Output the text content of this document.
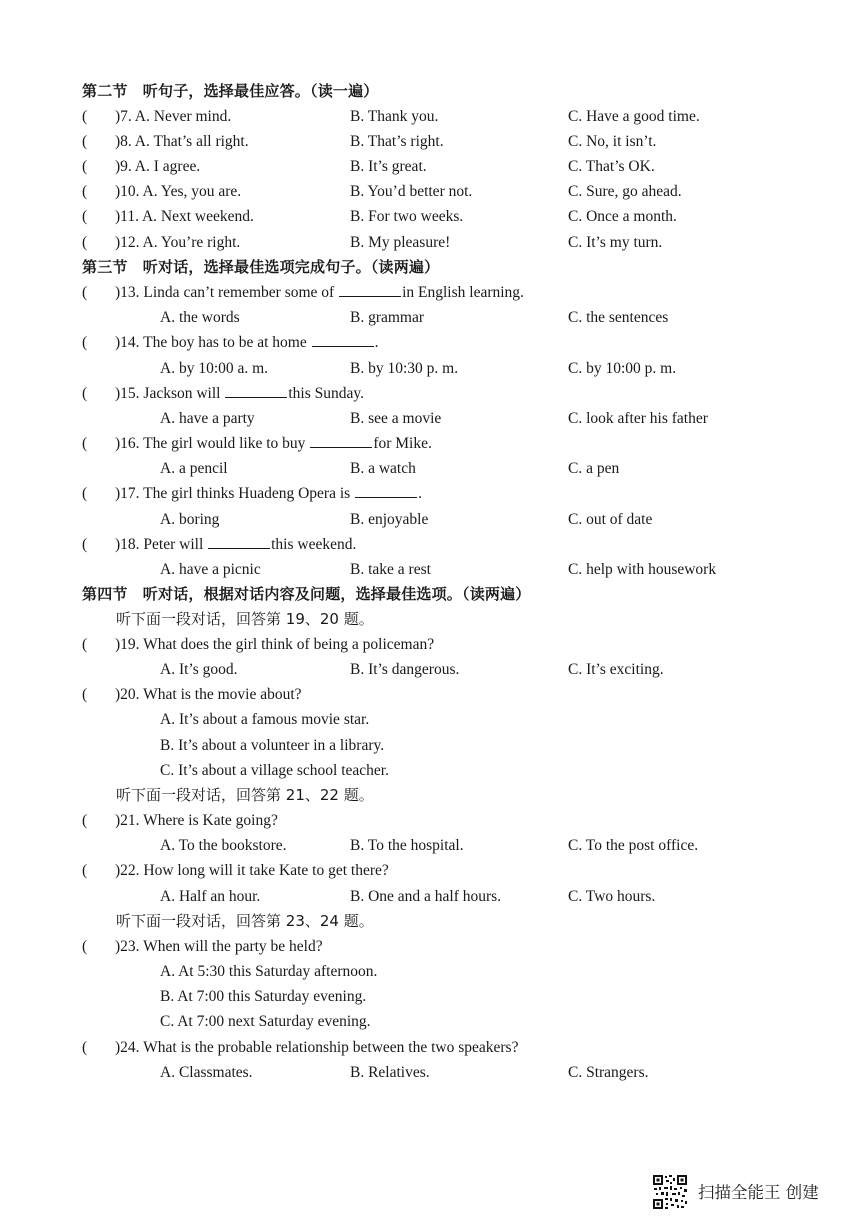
第二节　听句子，选择最佳应答。（读一遍）
(	)7. A. Never mind.	B. Thank you.	C. Have a good time.
(	)8. A. That’s all right.	B. That’s right.	C. No, it isn’t.
(	)9. A. I agree.	B. It’s great.	C. That’s OK.
(	)10. A. Yes, you are.	B. You’d better not.	C. Sure, go ahead.
(	)11. A. Next weekend.	B. For two weeks.	C. Once a month.
(	)12. A. You’re right.	B. My pleasure!	C. It’s my turn.
第三节　听对话，选择最佳选项完成句子。（读两遍）
(	)13. Linda can’t remember some of	in English learning.
A. the words	B. grammar	C. the sentences
(	)14. The boy has to be at home	.
A. by 10:00 a. m.	B. by 10:30 p. m.	C. by 10:00 p. m.
(	)15. Jackson will	this Sunday.
A. have a party	B. see a movie	C. look after his father
(	)16. The girl would like to buy	for Mike.
A. a pencil	B. a watch	C. a pen
(	)17. The girl thinks Huadeng Opera is	.
A. boring	B. enjoyable	C. out of date
(	)18. Peter will	this weekend.
A. have a picnic	B. take a rest	C. help with housework
第四节　听对话，根据对话内容及问题，选择最佳选项。（读两遍）
听下面一段对话，回答第 19、20 题。
(	)19. What does the girl think of being a policeman?
A. It’s good.	B. It’s dangerous.	C. It’s exciting.
(	)20. What is the movie about?
A. It’s about a famous movie star.
B. It’s about a volunteer in a library.
C. It’s about a village school teacher.
听下面一段对话，回答第 21、22 题。
(	)21. Where is Kate going?
A. To the bookstore.	B. To the hospital.	C. To the post office.
(	)22. How long will it take Kate to get there?
A. Half an hour.	B. One and a half hours.	C. Two hours.
听下面一段对话，回答第 23、24 题。
(	)23. When will the party be held?
A. At 5:30 this Saturday afternoon.
B. At 7:00 this Saturday evening.
C. At 7:00 next Saturday evening.
(	)24. What is the probable relationship between the two speakers?
A. Classmates.	B. Relatives.	C. Strangers.
扫描全能王 创建
